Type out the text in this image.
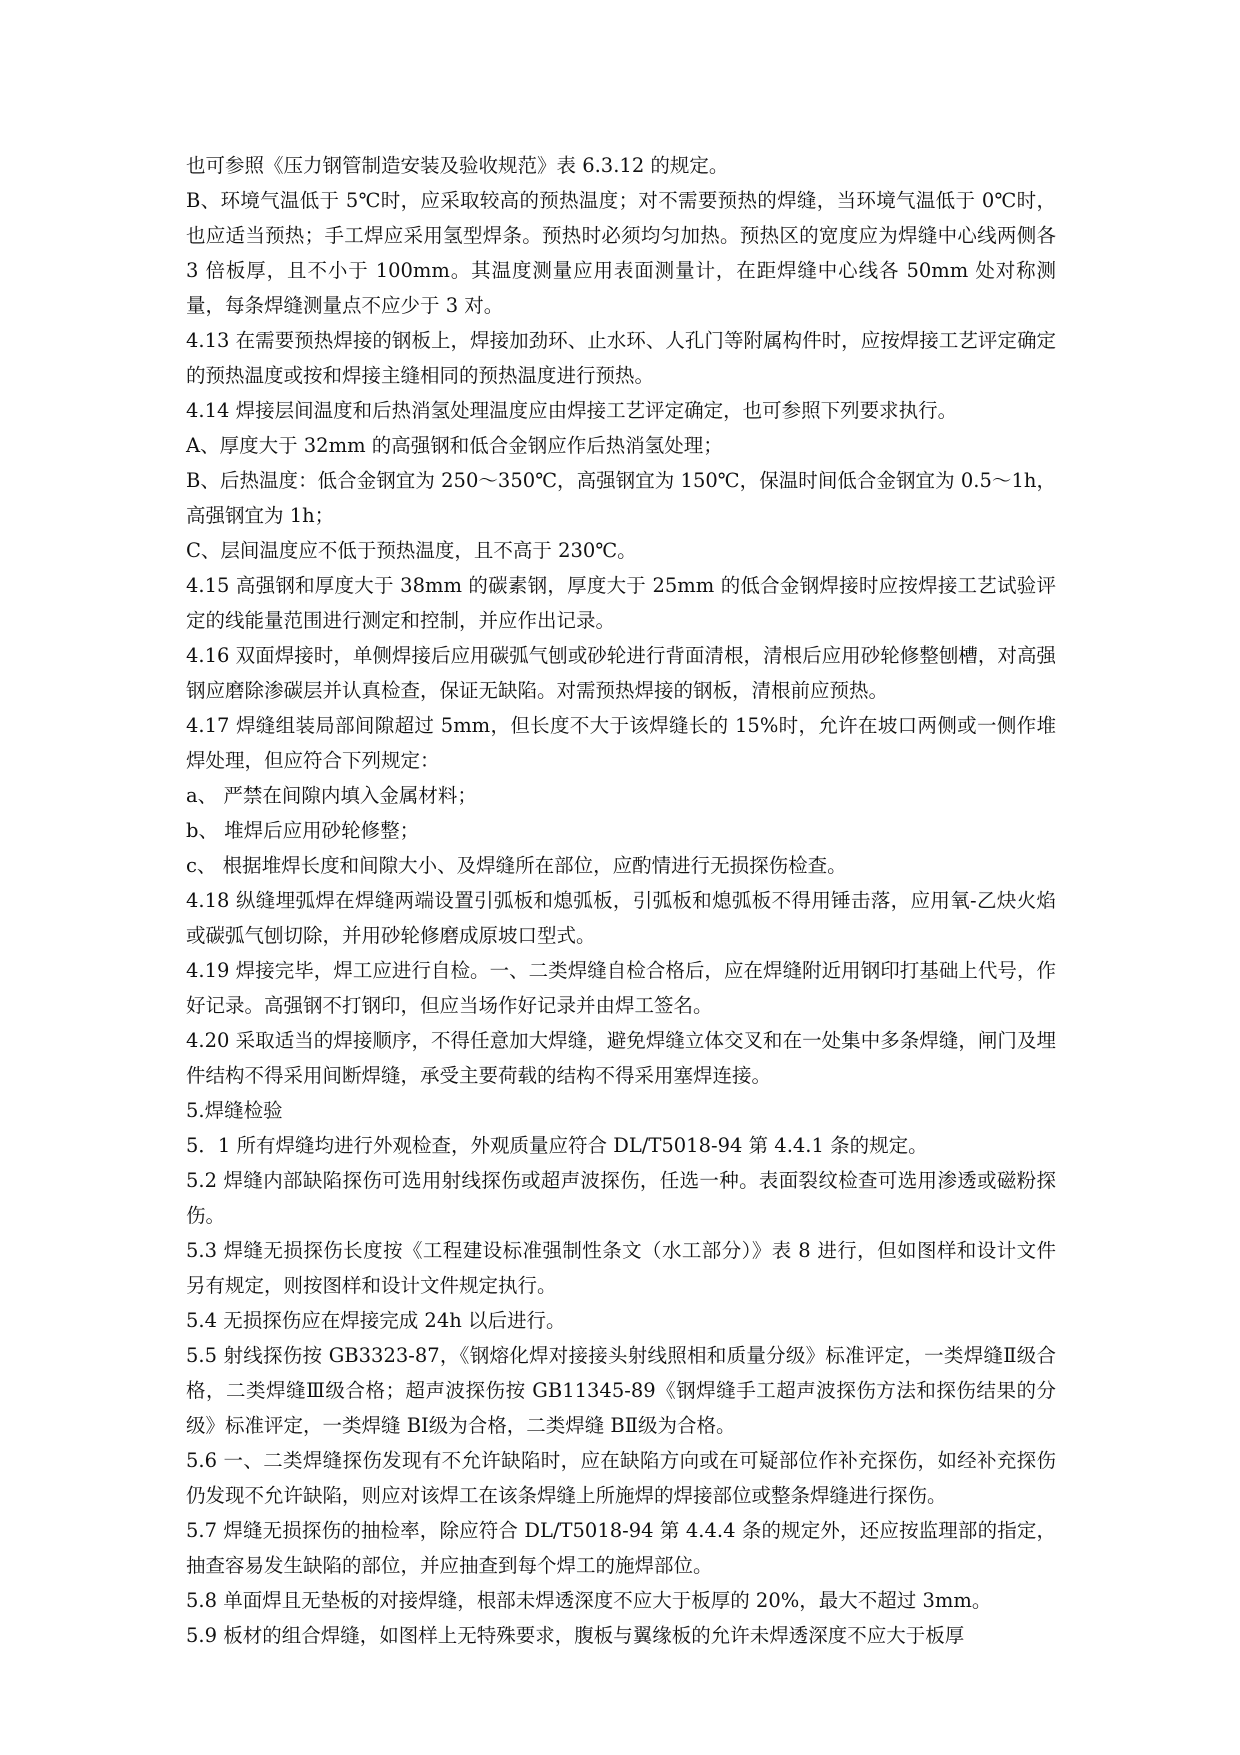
也可参照《压力钢管制造安装及验收规范》表 6.3.12 的规定。

B、环境气温低于 5℃时，应采取较高的预热温度；对不需要预热的焊缝，当环境气温低于 0℃时，也应适当预热；手工焊应采用氢型焊条。预热时必须均匀加热。预热区的宽度应为焊缝中心线两侧各 3 倍板厚，且不小于 100mm。其温度测量应用表面测量计，在距焊缝中心线各 50mm 处对称测量，每条焊缝测量点不应少于 3 对。

4.13 在需要预热焊接的钢板上，焊接加劲环、止水环、人孔门等附属构件时，应按焊接工艺评定确定的预热温度或按和焊接主缝相同的预热温度进行预热。

4.14 焊接层间温度和后热消氢处理温度应由焊接工艺评定确定，也可参照下列要求执行。

A、厚度大于 32mm 的高强钢和低合金钢应作后热消氢处理；

B、后热温度：低合金钢宜为 250～350℃，高强钢宜为 150℃，保温时间低合金钢宜为 0.5～1h，高强钢宜为 1h；

C、层间温度应不低于预热温度，且不高于 230℃。

4.15 高强钢和厚度大于 38mm 的碳素钢，厚度大于 25mm 的低合金钢焊接时应按焊接工艺试验评定的线能量范围进行测定和控制，并应作出记录。

4.16 双面焊接时，单侧焊接后应用碳弧气刨或砂轮进行背面清根，清根后应用砂轮修整刨槽，对高强钢应磨除渗碳层并认真检查，保证无缺陷。对需预热焊接的钢板，清根前应预热。

4.17 焊缝组装局部间隙超过 5mm，但长度不大于该焊缝长的 15%时，允许在坡口两侧或一侧作堆焊处理，但应符合下列规定：

a、 严禁在间隙内填入金属材料；

b、 堆焊后应用砂轮修整；

c、 根据堆焊长度和间隙大小、及焊缝所在部位，应酌情进行无损探伤检查。

4.18 纵缝埋弧焊在焊缝两端设置引弧板和熄弧板，引弧板和熄弧板不得用锤击落，应用氧-乙炔火焰或碳弧气刨切除，并用砂轮修磨成原坡口型式。

4.19 焊接完毕，焊工应进行自检。一、二类焊缝自检合格后，应在焊缝附近用钢印打基础上代号，作好记录。高强钢不打钢印，但应当场作好记录并由焊工签名。

4.20 采取适当的焊接顺序，不得任意加大焊缝，避免焊缝立体交叉和在一处集中多条焊缝，闸门及埋件结构不得采用间断焊缝，承受主要荷载的结构不得采用塞焊连接。

5.焊缝检验

5．1 所有焊缝均进行外观检查，外观质量应符合 DL/T5018-94 第 4.4.1 条的规定。

5.2 焊缝内部缺陷探伤可选用射线探伤或超声波探伤，任选一种。表面裂纹检查可选用渗透或磁粉探伤。

5.3 焊缝无损探伤长度按《工程建设标准强制性条文（水工部分）》表 8 进行，但如图样和设计文件另有规定，则按图样和设计文件规定执行。

5.4 无损探伤应在焊接完成 24h 以后进行。

5.5 射线探伤按 GB3323-87，《钢熔化焊对接接头射线照相和质量分级》标准评定，一类焊缝Ⅱ级合格，二类焊缝Ⅲ级合格；超声波探伤按 GB11345-89《钢焊缝手工超声波探伤方法和探伤结果的分级》标准评定，一类焊缝 BⅠ级为合格，二类焊缝 BⅡ级为合格。

5.6 一、二类焊缝探伤发现有不允许缺陷时，应在缺陷方向或在可疑部位作补充探伤，如经补充探伤仍发现不允许缺陷，则应对该焊工在该条焊缝上所施焊的焊接部位或整条焊缝进行探伤。

5.7 焊缝无损探伤的抽检率，除应符合 DL/T5018-94 第 4.4.4 条的规定外，还应按监理部的指定，抽查容易发生缺陷的部位，并应抽查到每个焊工的施焊部位。

5.8 单面焊且无垫板的对接焊缝，根部未焊透深度不应大于板厚的 20%，最大不超过 3mm。

5.9 板材的组合焊缝，如图样上无特殊要求，腹板与翼缘板的允许未焊透深度不应大于板厚
